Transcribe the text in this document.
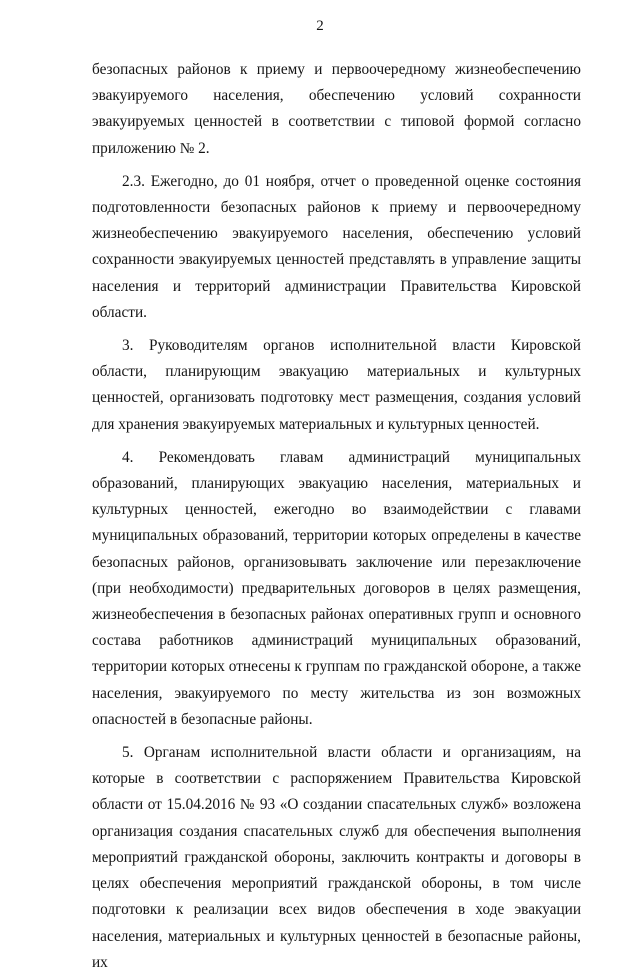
2

безопасных районов к приему и первоочередному жизнеобеспечению эвакуируемого населения, обеспечению условий сохранности эвакуируемых ценностей в соответствии с типовой формой согласно приложению № 2.

2.3. Ежегодно, до 01 ноября, отчет о проведенной оценке состояния подготовленности безопасных районов к приему и первоочередному жизнеобеспечению эвакуируемого населения, обеспечению условий сохранности эвакуируемых ценностей представлять в управление защиты населения и территорий администрации Правительства Кировской области.

3. Руководителям органов исполнительной власти Кировской области, планирующим эвакуацию материальных и культурных ценностей, организовать подготовку мест размещения, создания условий для хранения эвакуируемых материальных и культурных ценностей.

4. Рекомендовать главам администраций муниципальных образований, планирующих эвакуацию населения, материальных и культурных ценностей, ежегодно во взаимодействии с главами муниципальных образований, территории которых определены в качестве безопасных районов, организовывать заключение или перезаключение (при необходимости) предварительных договоров в целях размещения, жизнеобеспечения в безопасных районах оперативных групп и основного состава работников администраций муниципальных образований, территории которых отнесены к группам по гражданской обороне, а также населения, эвакуируемого по месту жительства из зон возможных опасностей в безопасные районы.

5. Органам исполнительной власти области и организациям, на которые в соответствии с распоряжением Правительства Кировской области от 15.04.2016 № 93 «О создании спасательных служб» возложена организация создания спасательных служб для обеспечения выполнения мероприятий гражданской обороны, заключить контракты и договоры в целях обеспечения мероприятий гражданской обороны, в том числе подготовки к реализации всех видов обеспечения в ходе эвакуации населения, материальных и культурных ценностей в безопасные районы, их
